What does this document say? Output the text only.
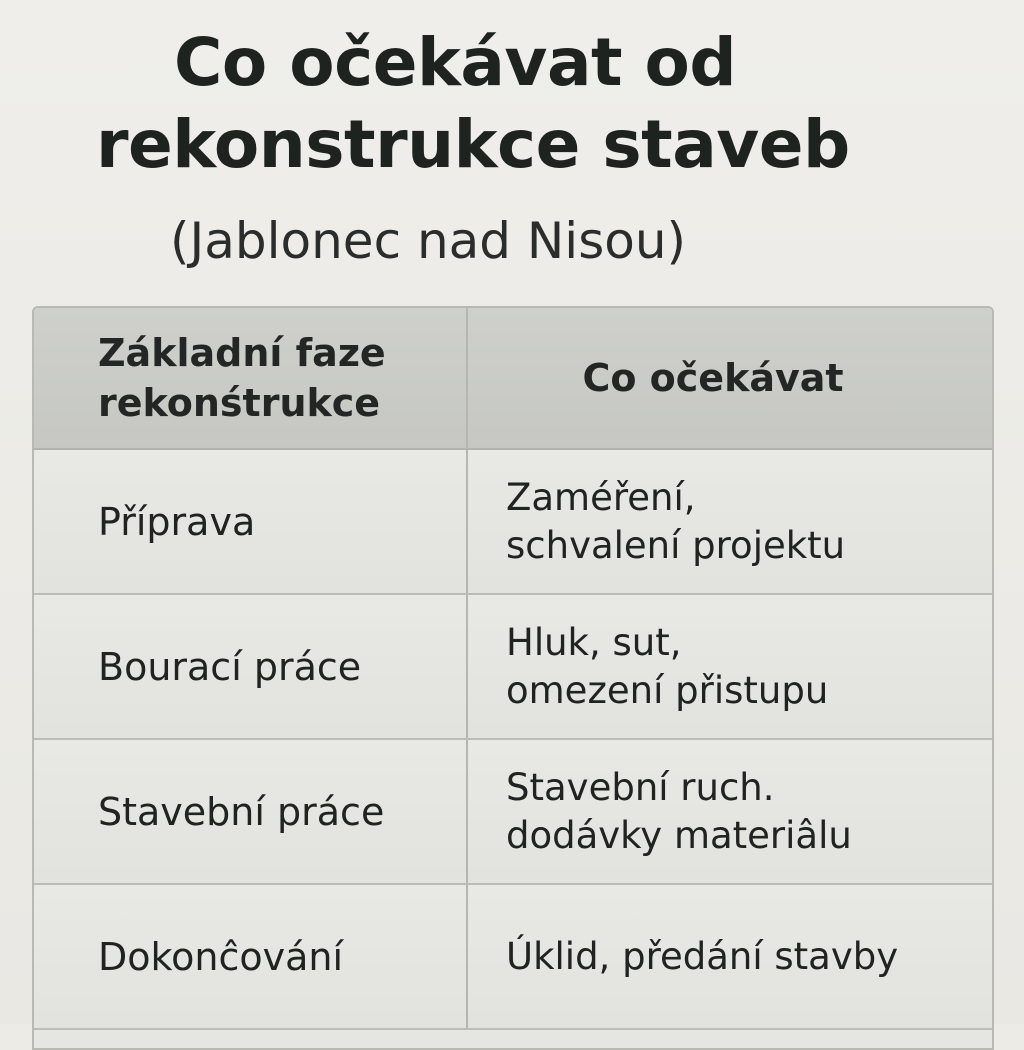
Co očekávat od
rekonstrukce staveb
(Jablonec nad Nisou)
Základní faze
rekonśtrukce
Co očekávat
Příprava
Zaméření,
schvalení projektu
Bourací práce
Hluk, sut,
omezení přistupu
Stavební práce
Stavební ruch.
dodávky materiâlu
Dokonĉování	Úklid, předání stavby
